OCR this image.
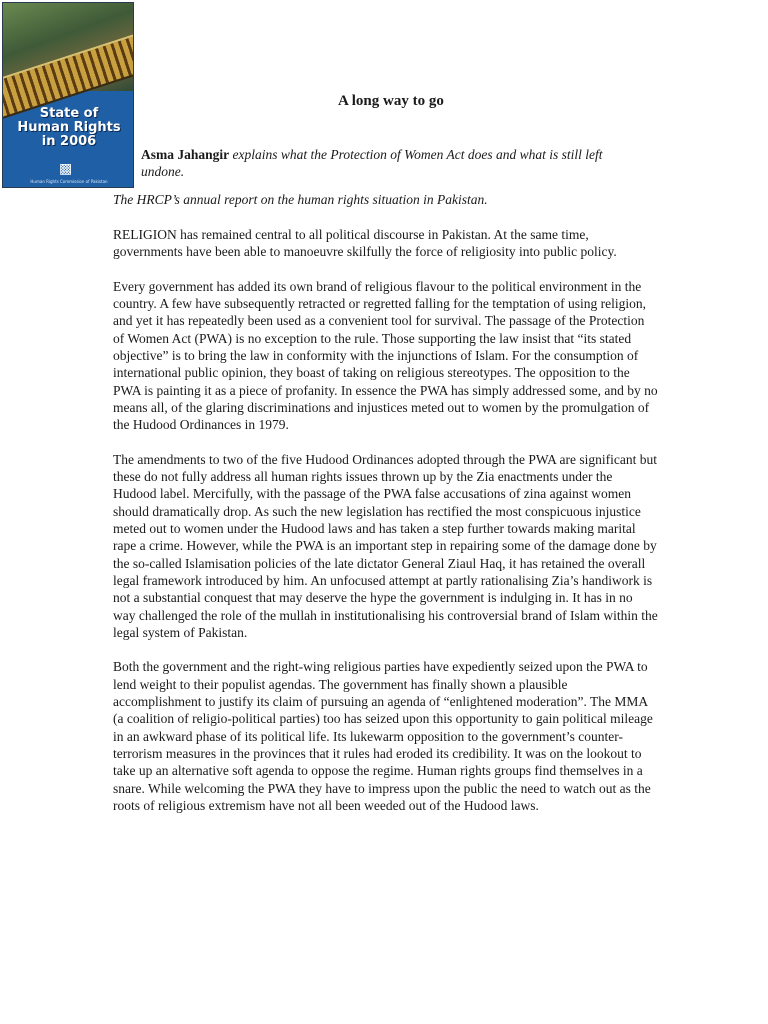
State of
Human Rights
in 2006
▩
Human Rights Commission of Pakistan
A long way to go
Asma Jahangir explains what the Protection of Women Act does and what is still left undone.

The HRCP’s annual report on the human rights situation in Pakistan.

RELIGION has remained central to all political discourse in Pakistan. At the same time, governments have been able to manoeuvre skilfully the force of religiosity into public policy.

Every government has added its own brand of religious flavour to the political environment in the country. A few have subsequently retracted or regretted falling for the temptation of using religion, and yet it has repeatedly been used as a convenient tool for survival. The passage of the Protection of Women Act (PWA) is no exception to the rule. Those supporting the law insist that “its stated objective” is to bring the law in conformity with the injunctions of Islam. For the consumption of international public opinion, they boast of taking on religious stereotypes. The opposition to the PWA is painting it as a piece of profanity. In essence the PWA has simply addressed some, and by no means all, of the glaring discriminations and injustices meted out to women by the promulgation of the Hudood Ordinances in 1979.

The amendments to two of the five Hudood Ordinances adopted through the PWA are significant but these do not fully address all human rights issues thrown up by the Zia enactments under the Hudood label. Mercifully, with the passage of the PWA false accusations of zina against women should dramatically drop. As such the new legislation has rectified the most conspicuous injustice meted out to women under the Hudood laws and has taken a step further towards making marital rape a crime. However, while the PWA is an important step in repairing some of the damage done by the so-called Islamisation policies of the late dictator General Ziaul Haq, it has retained the overall legal framework introduced by him. An unfocused attempt at partly rationalising Zia’s handiwork is not a substantial conquest that may deserve the hype the government is indulging in. It has in no way challenged the role of the mullah in institutionalising his controversial brand of Islam within the legal system of Pakistan.

Both the government and the right-wing religious parties have expediently seized upon the PWA to lend weight to their populist agendas. The government has finally shown a plausible accomplishment to justify its claim of pursuing an agenda of “enlightened moderation”. The MMA (a coalition of religio-political parties) too has seized upon this opportunity to gain political mileage in an awkward phase of its political life. Its lukewarm opposition to the government’s counter-terrorism measures in the provinces that it rules had eroded its credibility. It was on the lookout to take up an alternative soft agenda to oppose the regime. Human rights groups find themselves in a snare. While welcoming the PWA they have to impress upon the public the need to watch out as the roots of religious extremism have not all been weeded out of the Hudood laws.
